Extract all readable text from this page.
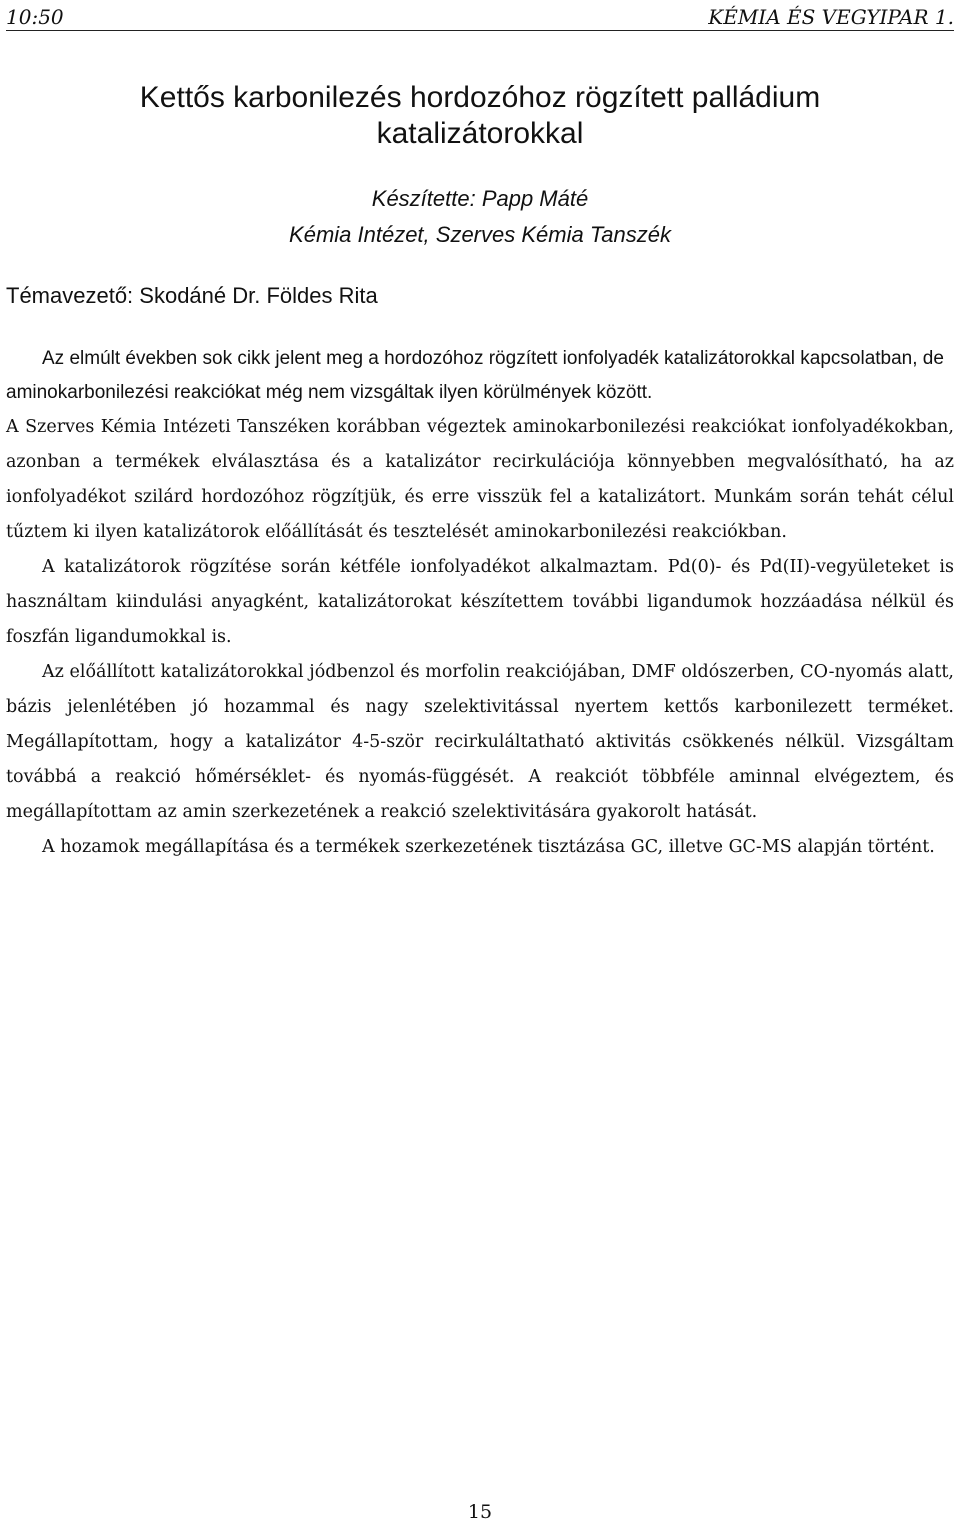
10:50	KÉMIA ÉS VEGYIPAR 1.
Kettős karbonilezés hordozóhoz rögzített palládium katalizátorokkal
Készítette: Papp Máté
Kémia Intézet, Szerves Kémia Tanszék
Témavezető: Skodáné Dr. Földes Rita

Az elmúlt években sok cikk jelent meg a hordozóhoz rögzített ionfolyadék katalizátorokkal kapcsolatban, de aminokarbonilezési reakciókat még nem vizsgáltak ilyen körülmények között.

A Szerves Kémia Intézeti Tanszéken korábban végeztek aminokarbonilezési reakciókat ionfolyadékokban, azonban a termékek elválasztása és a katalizátor recirkulációja könnyebben megvalósítható, ha az ionfolyadékot szilárd hordozóhoz rögzítjük, és erre visszük fel a katalizátort. Munkám során tehát célul tűztem ki ilyen katalizátorok előállítását és tesztelését aminokarbonilezési reakciókban.

A katalizátorok rögzítése során kétféle ionfolyadékot alkalmaztam. Pd(0)- és Pd(II)-vegyületeket is használtam kiindulási anyagként, katalizátorokat készítettem további ligandumok hozzáadása nélkül és foszfán ligandumokkal is.

Az előállított katalizátorokkal jódbenzol és morfolin reakciójában, DMF oldószerben, CO-nyomás alatt, bázis jelenlétében jó hozammal és nagy szelektivitással nyertem kettős karbonilezett terméket. Megállapítottam, hogy a katalizátor 4-5-ször recirkuláltatható aktivitás csökkenés nélkül. Vizsgáltam továbbá a reakció hőmérséklet- és nyomás-függését. A reakciót többféle aminnal elvégeztem, és megállapítottam az amin szerkezetének a reakció szelektivitására gyakorolt hatását.

A hozamok megállapítása és a termékek szerkezetének tisztázása GC, illetve GC-MS alapján történt.

15
